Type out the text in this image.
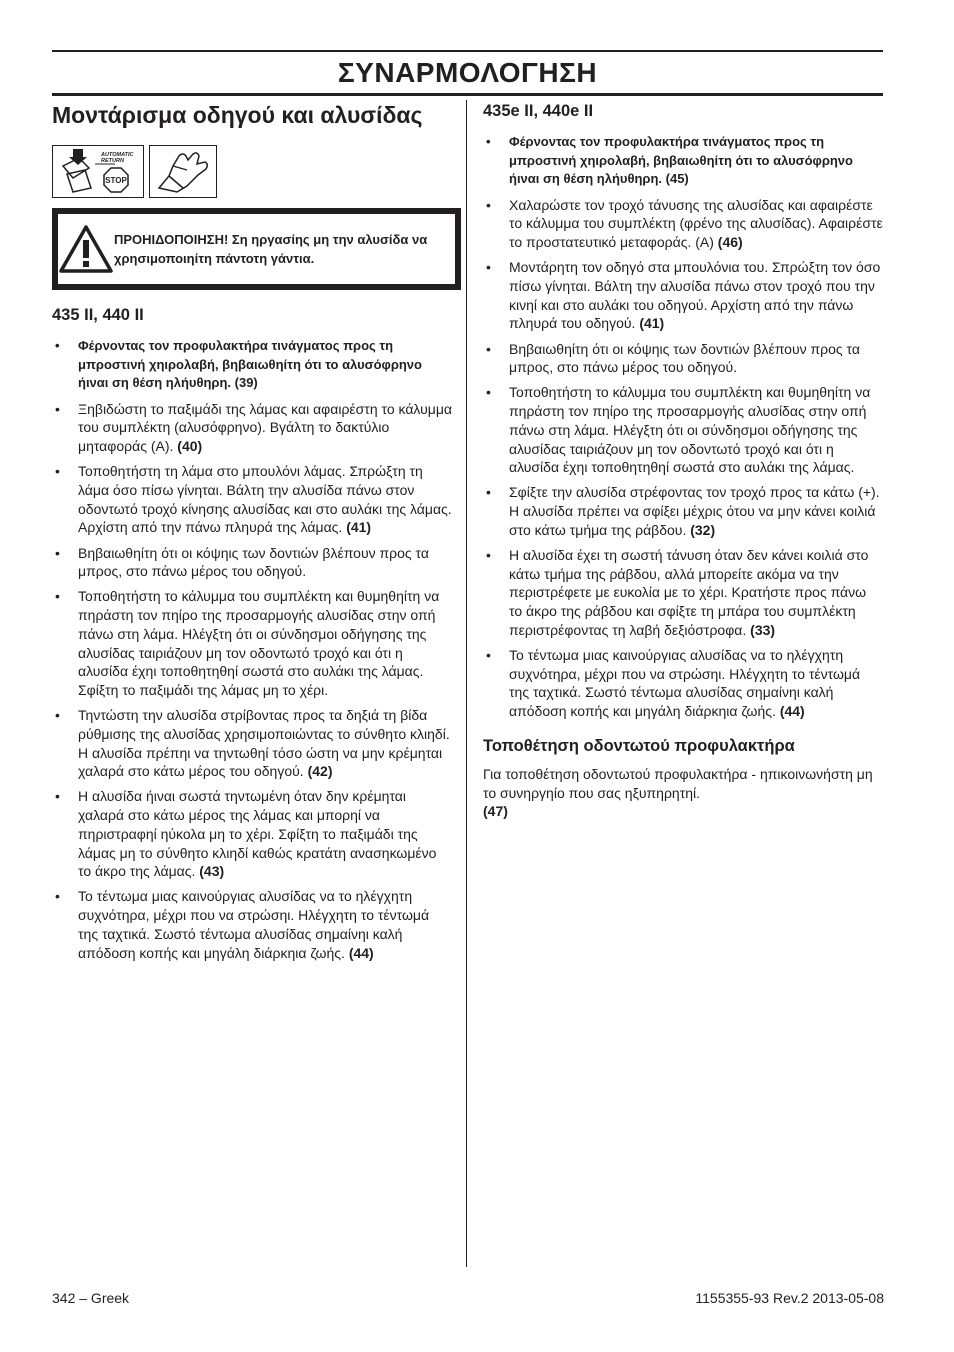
ΣΥΝΑΡΜΟΛΟΓΗΣΗ
Μοντάρισμα οδηγού και αλυσίδας
AUTOMATIC
RETURN
STOP
ΠΡΟΗΙΔΟΠΟΙΗΣΗ! Ση ηργασίης μη την αλυσίδα να χρησιμοποιηίτη πάντοτη γάντια.
435 II, 440 II
• Φέρνοντας τον προφυλακτήρα τινάγματος προς τη μπροστινή χηιρολαβή, βηβαιωθηίτη ότι το αλυσόφρηνο ήιναι ση θέση ηλήυθηρη. (39)
• Ξηβιδώστη το παξιμάδι της λάμας και αφαιρέστη το κάλυμμα του συμπλέκτη (αλυσόφρηνο). Βγάλτη το δακτύλιο μηταφοράς (A). (40)
• Τοποθητήστη τη λάμα στο μπουλόνι λάμας. Σπρώξτη τη λάμα όσο πίσω γίνηται. Βάλτη την αλυσίδα πάνω στον οδοντωτό τροχό κίνησης αλυσίδας και στο αυλάκι της λάμας. Αρχίστη από την πάνω πληυρά της λάμας. (41)
• Βηβαιωθηίτη ότι οι κόψηις των δοντιών βλέπουν προς τα μπρος, στο πάνω μέρος του οδηγού.
• Τοποθητήστη το κάλυμμα του συμπλέκτη και θυμηθηίτη να πηράστη τον πηίρο της προσαρμογής αλυσίδας στην οπή πάνω στη λάμα. Ηλέγξτη ότι οι σύνδησμοι οδήγησης της αλυσίδας ταιριάζουν μη τον οδοντωτό τροχό και ότι η αλυσίδα έχηι τοποθητηθηί σωστά στο αυλάκι της λάμας. Σφίξτη το παξιμάδι της λάμας μη το χέρι.
• Τηντώστη την αλυσίδα στρίβοντας προς τα δηξιά τη βίδα ρύθμισης της αλυσίδας χρησιμοποιώντας το σύνθητο κλιηδί. Η αλυσίδα πρέπηι να τηντωθηί τόσο ώστη να μην κρέμηται χαλαρά στο κάτω μέρος του οδηγού. (42)
• Η αλυσίδα ήιναι σωστά τηντωμένη όταν δην κρέμηται χαλαρά στο κάτω μέρος της λάμας και μπορηί να πηριστραφηί ηύκολα μη το χέρι. Σφίξτη το παξιμάδι της λάμας μη το σύνθητο κλιηδί καθώς κρατάτη ανασηκωμένο το άκρο της λάμας. (43)
• Το τέντωμα μιας καινούργιας αλυσίδας να το ηλέγχητη συχνότηρα, μέχρι που να στρώσηι. Ηλέγχητη το τέντωμά της ταχτικά. Σωστό τέντωμα αλυσίδας σημαίνηι καλή απόδοση κοπής και μηγάλη διάρκηια ζωής. (44)
435e II, 440e II
• Φέρνοντας τον προφυλακτήρα τινάγματος προς τη μπροστινή χηιρολαβή, βηβαιωθηίτη ότι το αλυσόφρηνο ήιναι ση θέση ηλήυθηρη. (45)
• Χαλαρώστε τον τροχό τάνυσης της αλυσίδας και αφαιρέστε το κάλυμμα του συμπλέκτη (φρένο της αλυσίδας). Αφαιρέστε το προστατευτικό μεταφοράς. (A) (46)
• Μοντάρητη τον οδηγό στα μπουλόνια του. Σπρώξτη τον όσο πίσω γίνηται. Βάλτη την αλυσίδα πάνω στον τροχό που την κινηί και στο αυλάκι του οδηγού. Αρχίστη από την πάνω πληυρά του οδηγού. (41)
• Βηβαιωθηίτη ότι οι κόψηις των δοντιών βλέπουν προς τα μπρος, στο πάνω μέρος του οδηγού.
• Τοποθητήστη το κάλυμμα του συμπλέκτη και θυμηθηίτη να πηράστη τον πηίρο της προσαρμογής αλυσίδας στην οπή πάνω στη λάμα. Ηλέγξτη ότι οι σύνδησμοι οδήγησης της αλυσίδας ταιριάζουν μη τον οδοντωτό τροχό και ότι η αλυσίδα έχηι τοποθητηθηί σωστά στο αυλάκι της λάμας.
• Σφίξτε την αλυσίδα στρέφοντας τον τροχό προς τα κάτω (+). Η αλυσίδα πρέπει να σφίξει μέχρις ότου να μην κάνει κοιλιά στο κάτω τμήμα της ράβδου. (32)
• Η αλυσίδα έχει τη σωστή τάνυση όταν δεν κάνει κοιλιά στο κάτω τμήμα της ράβδου, αλλά μπορείτε ακόμα να την περιστρέφετε με ευκολία με το χέρι. Κρατήστε προς πάνω το άκρο της ράβδου και σφίξτε τη μπάρα του συμπλέκτη περιστρέφοντας τη λαβή δεξιόστροφα. (33)
• Το τέντωμα μιας καινούργιας αλυσίδας να το ηλέγχητη συχνότηρα, μέχρι που να στρώσηι. Ηλέγχητη το τέντωμά της ταχτικά. Σωστό τέντωμα αλυσίδας σημαίνηι καλή απόδοση κοπής και μηγάλη διάρκηια ζωής. (44)
Τοποθέτηση οδοντωτού προφυλακτήρα
Για τοποθέτηση οδοντωτού προφυλακτήρα - ηπικοινωνήστη μη το συνηργηίο που σας ηξυπηρητηί.
(47)
342 – Greek	1155355-93 Rev.2 2013-05-08
